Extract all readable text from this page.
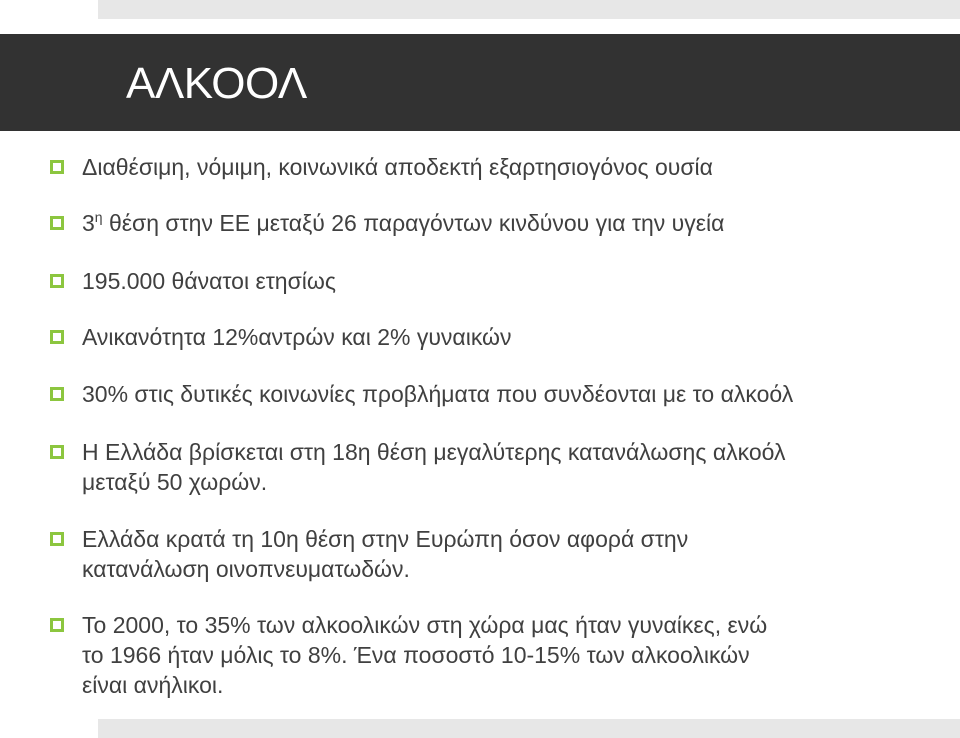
ΑΛΚΟΟΛ
Διαθέσιμη, νόμιμη, κοινωνικά αποδεκτή εξαρτησιογόνος ουσία
$3^\eta$ θέση στην ΕΕ μεταξύ 26 παραγόντων κινδύνου για την υγεία
195.000 θάνατοι ετησίως
Ανικανότητα 12%αντρών και 2% γυναικών
30% στις δυτικές κοινωνίες προβλήματα που συνδέονται με το αλκοόλ
Η Ελλάδα βρίσκεται στη 18η θέση μεγαλύτερης κατανάλωσης αλκοόλ
μεταξύ 50 χωρών.
Ελλάδα κρατά τη 10η θέση στην Ευρώπη όσον αφορά στην
κατανάλωση οινοπνευματωδών.
Το 2000, το 35% των αλκοολικών στη χώρα μας ήταν γυναίκες, ενώ
το 1966 ήταν μόλις το 8%. Ένα ποσοστό 10-15% των αλκοολικών
είναι ανήλικοι.
